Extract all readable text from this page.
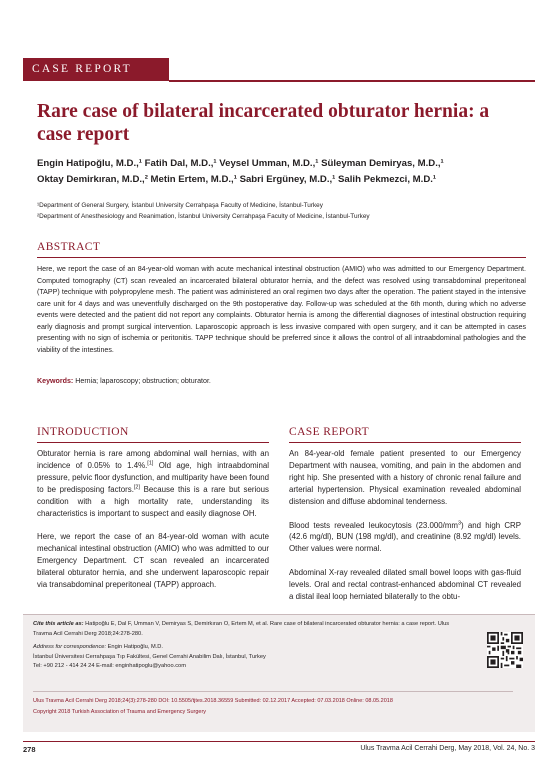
CASE REPORT
Rare case of bilateral incarcerated obturator hernia: a case report
Engin Hatipoğlu, M.D.,¹ Fatih Dal, M.D.,¹ Veysel Umman, M.D.,¹ Süleyman Demiryas, M.D.,¹
Oktay Demirkıran, M.D.,² Metin Ertem, M.D.,¹ Sabri Ergüney, M.D.,¹ Salih Pekmezci, M.D.¹
¹Department of General Surgery, İstanbul University Cerrahpaşa Faculty of Medicine, İstanbul-Turkey
²Department of Anesthesiology and Reanimation, İstanbul University Cerrahpaşa Faculty of Medicine, İstanbul-Turkey
ABSTRACT
Here, we report the case of an 84-year-old woman with acute mechanical intestinal obstruction (AMIO) who was admitted to our Emergency Department. Computed tomography (CT) scan revealed an incarcerated bilateral obturator hernia, and the defect was resolved using transabdominal preperitoneal (TAPP) technique with polypropylene mesh. The patient was administered an oral regimen two days after the operation. The patient stayed in the intensive care unit for 4 days and was uneventfully discharged on the 9th postoperative day. Follow-up was scheduled at the 6th month, during which no adverse events were detected and the patient did not report any complaints. Obturator hernia is among the differential diagnoses of intestinal obstruction requiring early diagnosis and prompt surgical intervention. Laparoscopic approach is less invasive compared with open surgery, and it can be attempted in cases presenting with no sign of ischemia or peritonitis. TAPP technique should be preferred since it allows the control of all intraabdominal pathologies and the viability of the intestines.
Keywords: Hernia; laparoscopy; obstruction; obturator.
INTRODUCTION

Obturator hernia is rare among abdominal wall hernias, with an incidence of 0.05% to 1.4%.[1] Old age, high intraabdominal pressure, pelvic floor dysfunction, and multiparity have been found to be predisposing factors.[2] Because this is a rare but serious condition with a high mortality rate, understanding its characteristics is important to suspect and easily diagnose OH.

Here, we report the case of an 84-year-old woman with acute mechanical intestinal obstruction (AMIO) who was admitted to our Emergency Department. CT scan revealed an incarcerated bilateral obturator hernia, and she underwent laparoscopic repair via transabdominal preperitoneal (TAPP) approach.

CASE REPORT

An 84-year-old female patient presented to our Emergency Department with nausea, vomiting, and pain in the abdomen and right hip. She presented with a history of chronic renal failure and arterial hypertension. Physical examination revealed abdominal distension and diffuse abdominal tenderness.

Blood tests revealed leukocytosis $(23.000/mm^3)$ and high CRP (42.6 mg/dl), BUN (198 mg/dl), and creatinine (8.92 mg/dl) levels. Other values were normal.

Abdominal X-ray revealed dilated small bowel loops with gas-fluid levels. Oral and rectal contrast-enhanced abdominal CT revealed a distal ileal loop herniated bilaterally to the obtu-

Cite this article as: Hatipoğlu E, Dal F, Umman V, Demiryas S, Demirkıran O, Ertem M, et al. Rare case of bilateral incarcerated obturator hernia: a case report. Ulus Travma Acil Cerrahi Derg 2018;24:278-280.
Address for correspondence: Engin Hatipoğlu, M.D.
İstanbul Üniversitesi Cerrahpaşa Tıp Fakültesi, Genel Cerrahi Anabilim Dalı, İstanbul, Turkey
Tel: +90 212 - 414 24 24 E-mail: enginhatipoglu@yahoo.com
Ulus Travma Acil Cerrahi Derg 2018;24(3):278-280 DOI: 10.5505/tjtes.2018.36559 Submitted: 02.12.2017 Accepted: 07.03.2018 Online: 08.05.2018
Copyright 2018 Turkish Association of Trauma and Emergency Surgery
278	Ulus Travma Acil Cerrahi Derg, May 2018, Vol. 24, No. 3
